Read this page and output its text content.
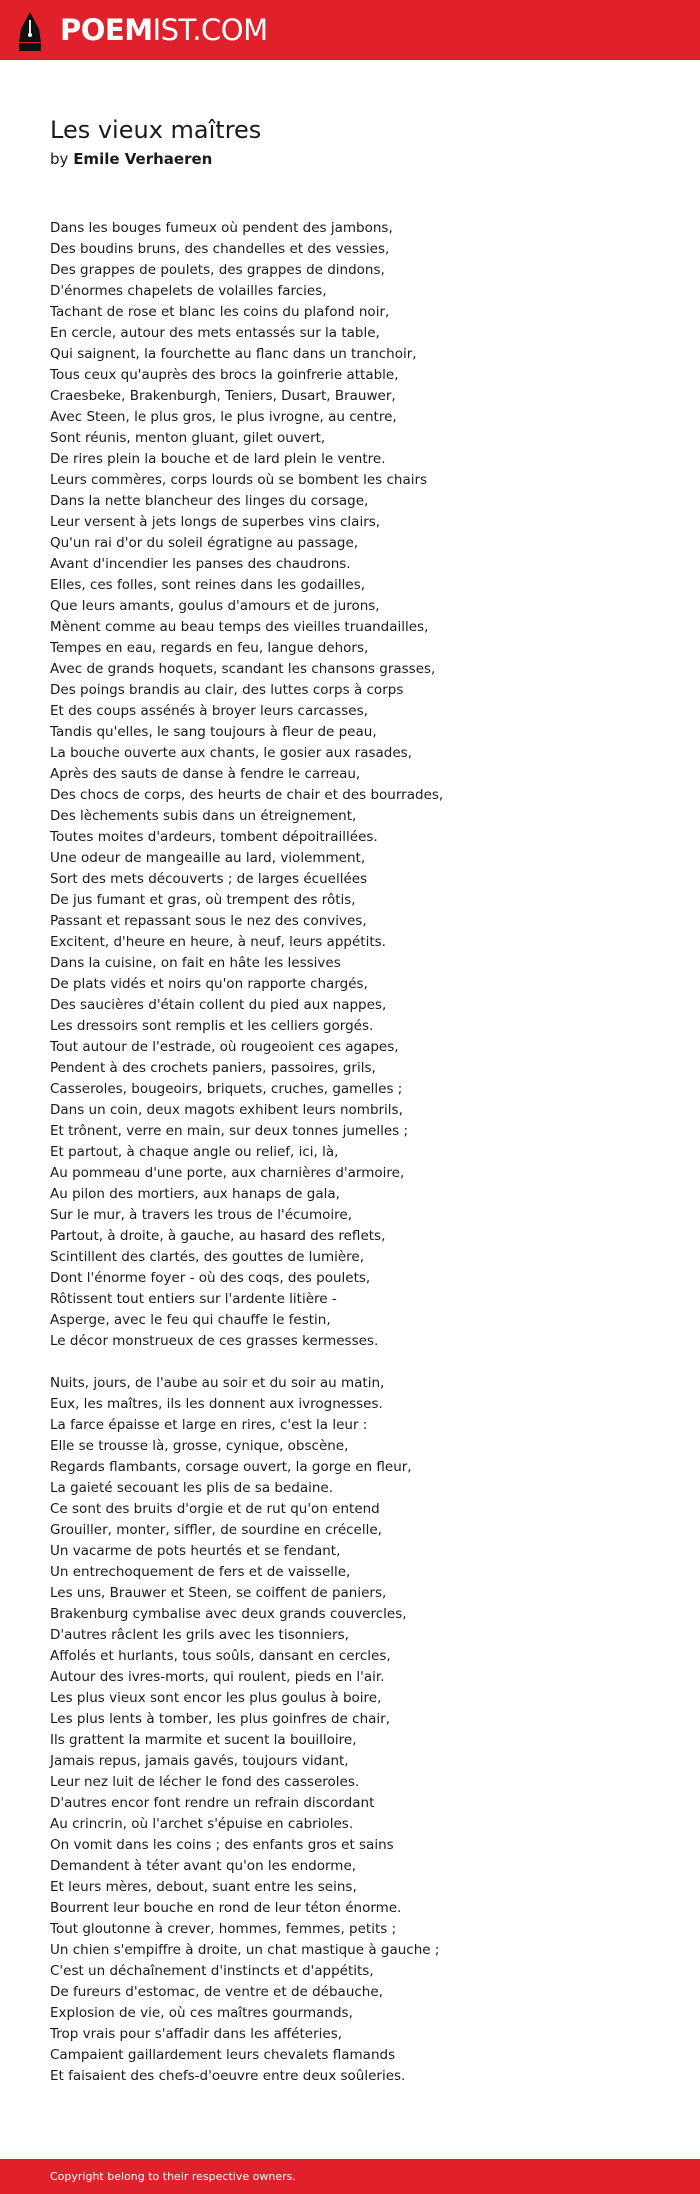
POEMIST.COM
Les vieux maîtres
by Emile Verhaeren
Dans les bouges fumeux où pendent des jambons,
Des boudins bruns, des chandelles et des vessies,
Des grappes de poulets, des grappes de dindons,
D'énormes chapelets de volailles farcies,
Tachant de rose et blanc les coins du plafond noir,
En cercle, autour des mets entassés sur la table,
Qui saignent, la fourchette au flanc dans un tranchoir,
Tous ceux qu'auprès des brocs la goinfrerie attable,
Craesbeke, Brakenburgh, Teniers, Dusart, Brauwer,
Avec Steen, le plus gros, le plus ivrogne, au centre,
Sont réunis, menton gluant, gilet ouvert,
De rires plein la bouche et de lard plein le ventre.
Leurs commères, corps lourds où se bombent les chairs
Dans la nette blancheur des linges du corsage,
Leur versent à jets longs de superbes vins clairs,
Qu'un rai d'or du soleil égratigne au passage,
Avant d'incendier les panses des chaudrons.
Elles, ces folles, sont reines dans les godailles,
Que leurs amants, goulus d'amours et de jurons,
Mènent comme au beau temps des vieilles truandailles,
Tempes en eau, regards en feu, langue dehors,
Avec de grands hoquets, scandant les chansons grasses,
Des poings brandis au clair, des luttes corps à corps
Et des coups assénés à broyer leurs carcasses,
Tandis qu'elles, le sang toujours à fleur de peau,
La bouche ouverte aux chants, le gosier aux rasades,
Après des sauts de danse à fendre le carreau,
Des chocs de corps, des heurts de chair et des bourrades,
Des lèchements subis dans un étreignement,
Toutes moites d'ardeurs, tombent dépoitraillées.
Une odeur de mangeaille au lard, violemment,
Sort des mets découverts ; de larges écuellées
De jus fumant et gras, où trempent des rôtis,
Passant et repassant sous le nez des convives,
Excitent, d'heure en heure, à neuf, leurs appétits.
Dans la cuisine, on fait en hâte les lessives
De plats vidés et noirs qu'on rapporte chargés,
Des saucières d'étain collent du pied aux nappes,
Les dressoirs sont remplis et les celliers gorgés.
Tout autour de l'estrade, où rougeoient ces agapes,
Pendent à des crochets paniers, passoires, grils,
Casseroles, bougeoirs, briquets, cruches, gamelles ;
Dans un coin, deux magots exhibent leurs nombrils,
Et trônent, verre en main, sur deux tonnes jumelles ;
Et partout, à chaque angle ou relief, ici, là,
Au pommeau d'une porte, aux charnières d'armoire,
Au pilon des mortiers, aux hanaps de gala,
Sur le mur, à travers les trous de l'écumoire,
Partout, à droite, à gauche, au hasard des reflets,
Scintillent des clartés, des gouttes de lumière,
Dont l'énorme foyer - où des coqs, des poulets,
Rôtissent tout entiers sur l'ardente litière -
Asperge, avec le feu qui chauffe le festin,
Le décor monstrueux de ces grasses kermesses.
Nuits, jours, de l'aube au soir et du soir au matin,
Eux, les maîtres, ils les donnent aux ivrognesses.
La farce épaisse et large en rires, c'est la leur :
Elle se trousse là, grosse, cynique, obscène,
Regards flambants, corsage ouvert, la gorge en fleur,
La gaieté secouant les plis de sa bedaine.
Ce sont des bruits d'orgie et de rut qu'on entend
Grouiller, monter, siffler, de sourdine en crécelle,
Un vacarme de pots heurtés et se fendant,
Un entrechoquement de fers et de vaisselle,
Les uns, Brauwer et Steen, se coiffent de paniers,
Brakenburg cymbalise avec deux grands couvercles,
D'autres râclent les grils avec les tisonniers,
Affolés et hurlants, tous soûls, dansant en cercles,
Autour des ivres-morts, qui roulent, pieds en l'air.
Les plus vieux sont encor les plus goulus à boire,
Les plus lents à tomber, les plus goinfres de chair,
Ils grattent la marmite et sucent la bouilloire,
Jamais repus, jamais gavés, toujours vidant,
Leur nez luit de lécher le fond des casseroles.
D'autres encor font rendre un refrain discordant
Au crincrin, où l'archet s'épuise en cabrioles.
On vomit dans les coins ; des enfants gros et sains
Demandent à téter avant qu'on les endorme,
Et leurs mères, debout, suant entre les seins,
Bourrent leur bouche en rond de leur téton énorme.
Tout gloutonne à crever, hommes, femmes, petits ;
Un chien s'empiffre à droite, un chat mastique à gauche ;
C'est un déchaînement d'instincts et d'appétits,
De fureurs d'estomac, de ventre et de débauche,
Explosion de vie, où ces maîtres gourmands,
Trop vrais pour s'affadir dans les afféteries,
Campaient gaillardement leurs chevalets flamands
Et faisaient des chefs-d'oeuvre entre deux soûleries.
Copyright belong to their respective owners.
